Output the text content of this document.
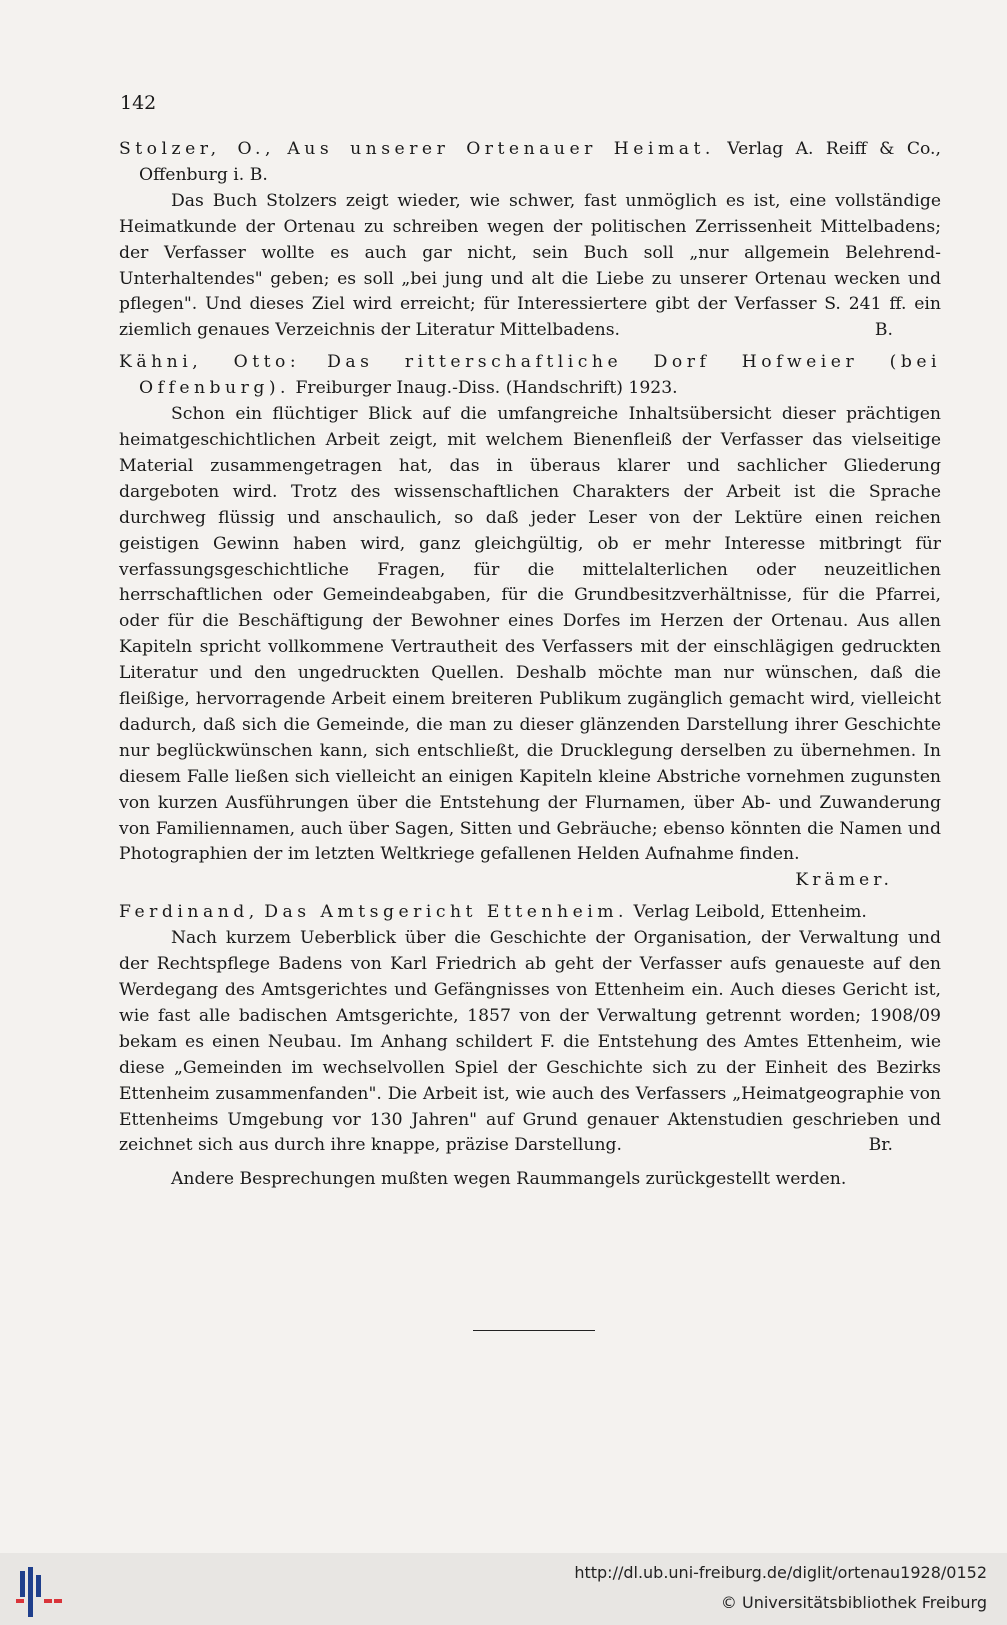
142

Stolzer, O., Aus unserer Ortenauer Heimat. Verlag A. Reiff & Co., Offenburg i. B.

Das Buch Stolzers zeigt wieder, wie schwer, fast unmöglich es ist, eine vollständige Heimatkunde der Ortenau zu schreiben wegen der politischen Zerrissenheit Mittelbadens; der Verfasser wollte es auch gar nicht, sein Buch soll „nur allgemein Belehrend-Unterhaltendes" geben; es soll „bei jung und alt die Liebe zu unserer Ortenau wecken und pflegen". Und dieses Ziel wird erreicht; für Interessiertere gibt der Verfasser S. 241 ff. ein ziemlich genaues Verzeichnis der Literatur Mittelbadens.	B.

Kähni, Otto: Das ritterschaftliche Dorf Hofweier (bei Offenburg). Freiburger Inaug.-Diss. (Handschrift) 1923.

Schon ein flüchtiger Blick auf die umfangreiche Inhaltsübersicht dieser prächtigen heimatgeschichtlichen Arbeit zeigt, mit welchem Bienenfleiß der Verfasser das vielseitige Material zusammengetragen hat, das in überaus klarer und sachlicher Gliederung dargeboten wird. Trotz des wissenschaftlichen Charakters der Arbeit ist die Sprache durchweg flüssig und anschaulich, so daß jeder Leser von der Lektüre einen reichen geistigen Gewinn haben wird, ganz gleichgültig, ob er mehr Interesse mitbringt für verfassungsgeschichtliche Fragen, für die mittelalterlichen oder neuzeitlichen herrschaftlichen oder Gemeindeabgaben, für die Grundbesitzverhältnisse, für die Pfarrei, oder für die Beschäftigung der Bewohner eines Dorfes im Herzen der Ortenau. Aus allen Kapiteln spricht vollkommene Vertrautheit des Verfassers mit der einschlägigen gedruckten Literatur und den ungedruckten Quellen. Deshalb möchte man nur wünschen, daß die fleißige, hervorragende Arbeit einem breiteren Publikum zugänglich gemacht wird, vielleicht dadurch, daß sich die Gemeinde, die man zu dieser glänzenden Darstellung ihrer Geschichte nur beglückwünschen kann, sich entschließt, die Drucklegung derselben zu übernehmen. In diesem Falle ließen sich vielleicht an einigen Kapiteln kleine Abstriche vornehmen zugunsten von kurzen Ausführungen über die Entstehung der Flurnamen, über Ab- und Zuwanderung von Familiennamen, auch über Sagen, Sitten und Gebräuche; ebenso könnten die Namen und Photographien der im letzten Weltkriege gefallenen Helden Aufnahme finden.

Krämer.

Ferdinand, Das Amtsgericht Ettenheim. Verlag Leibold, Ettenheim.

Nach kurzem Ueberblick über die Geschichte der Organisation, der Verwaltung und der Rechtspflege Badens von Karl Friedrich ab geht der Verfasser aufs genaueste auf den Werdegang des Amtsgerichtes und Gefängnisses von Ettenheim ein. Auch dieses Gericht ist, wie fast alle badischen Amtsgerichte, 1857 von der Verwaltung getrennt worden; 1908/09 bekam es einen Neubau. Im Anhang schildert F. die Entstehung des Amtes Ettenheim, wie diese „Gemeinden im wechselvollen Spiel der Geschichte sich zu der Einheit des Bezirks Ettenheim zusammenfanden". Die Arbeit ist, wie auch des Verfassers „Heimatgeographie von Ettenheims Umgebung vor 130 Jahren" auf Grund genauer Aktenstudien geschrieben und zeichnet sich aus durch ihre knappe, präzise Darstellung.	Br.

Andere Besprechungen mußten wegen Raummangels zurückgestellt werden.

http://dl.ub.uni-freiburg.de/diglit/ortenau1928/0152
© Universitätsbibliothek Freiburg
